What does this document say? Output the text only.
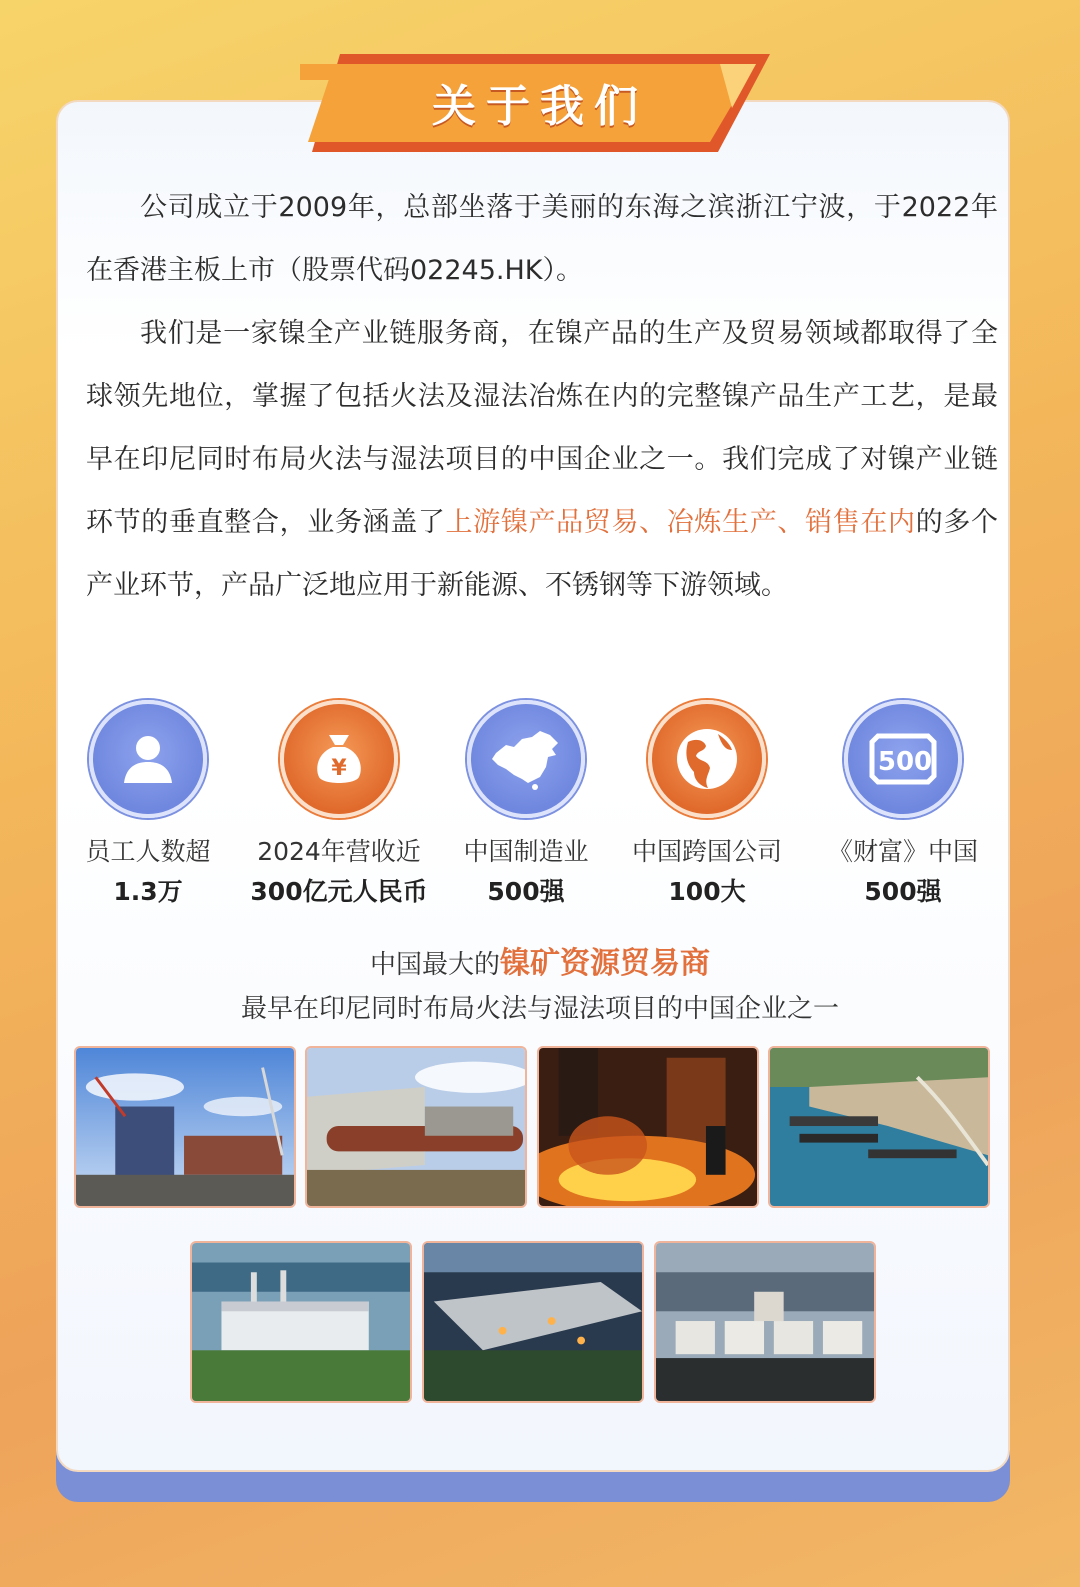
关于我们

公司成立于2009年，总部坐落于美丽的东海之滨浙江宁波，于2022年在香港主板上市（股票代码02245.HK）。

我们是一家镍全产业链服务商，在镍产品的生产及贸易领域都取得了全球领先地位，掌握了包括火法及湿法冶炼在内的完整镍产品生产工艺，是最早在印尼同时布局火法与湿法项目的中国企业之一。我们完成了对镍产业链环节的垂直整合，业务涵盖了上游镍产品贸易、冶炼生产、销售在内的多个产业环节，产品广泛地应用于新能源、不锈钢等下游领域。

员工人数超
1.3万
¥
2024年营收近
300亿元人民币
中国制造业
500强
中国跨国公司
100大
500
《财富》中国
500强
中国最大的镍矿资源贸易商
最早在印尼同时布局火法与湿法项目的中国企业之一
